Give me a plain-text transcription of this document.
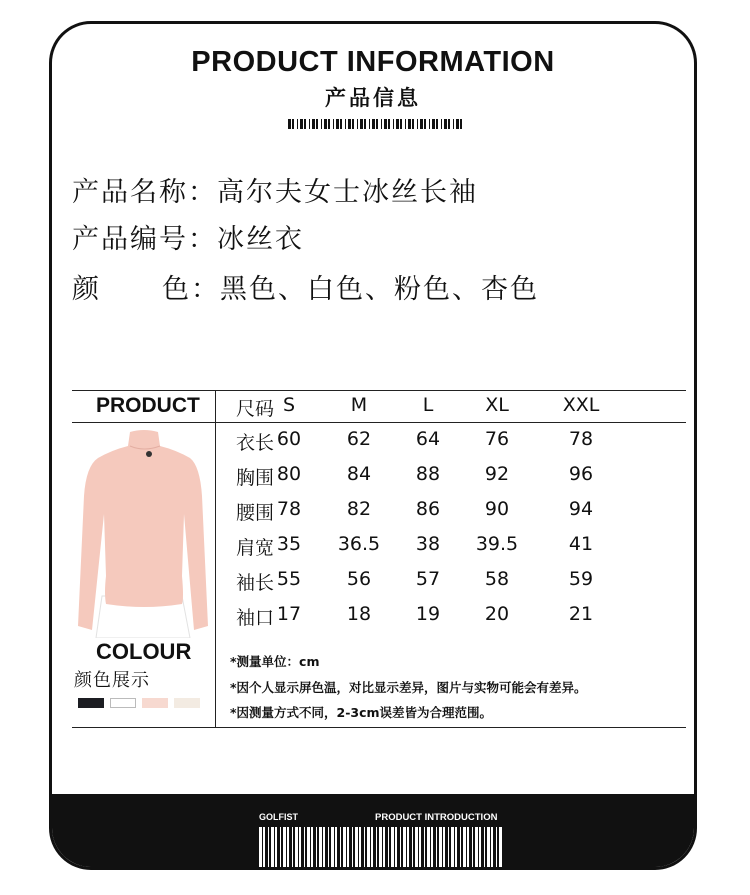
PRODUCT INFORMATION
产品信息
产品名称：高尔夫女士冰丝长袖
产品编号：冰丝衣
颜 色：黑色、白色、粉色、杏色
PRODUCT 尺码 S	M	L	XL	XXL
衣长 60	62	64	76	78
胸围 80	84	88	92	96
腰围 78	82	86	90	94
肩宽 35	36.5	38	39.5	41
袖长 55	56	57	58	59
袖口 17	18	19	20	21
COLOUR
颜色展示
*测量单位：cm
*因个人显示屏色温，对比显示差异，图片与实物可能会有差异。
*因测量方式不同，2-3cm误差皆为合理范围。
GOLFIST	PRODUCT INTRODUCTION
